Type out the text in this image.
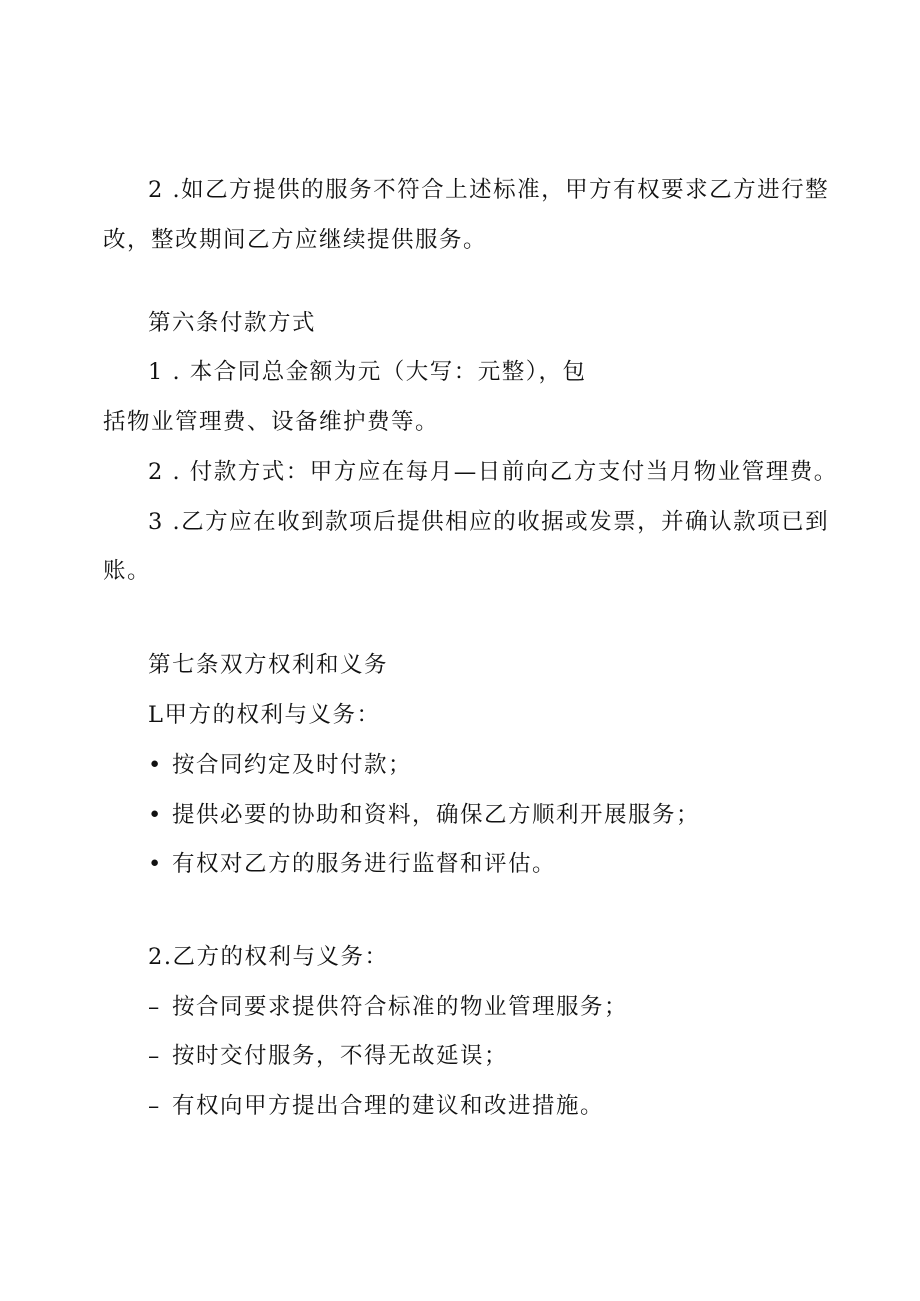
2 .如乙方提供的服务不符合上述标准，甲方有权要求乙方进行整
改，整改期间乙方应继续提供服务。
第六条付款方式
1 . 本合同总金额为元（大写：元整），包
括物业管理费、设备维护费等。
2 . 付款方式：甲方应在每月—日前向乙方支付当月物业管理费。
3 .乙方应在收到款项后提供相应的收据或发票，并确认款项已到
账。
第七条双方权利和义务
L甲方的权利与义务：
• 按合同约定及时付款；
• 提供必要的协助和资料，确保乙方顺利开展服务；
• 有权对乙方的服务进行监督和评估。
2.乙方的权利与义务：
– 按合同要求提供符合标准的物业管理服务；
– 按时交付服务，不得无故延误；
– 有权向甲方提出合理的建议和改进措施。
